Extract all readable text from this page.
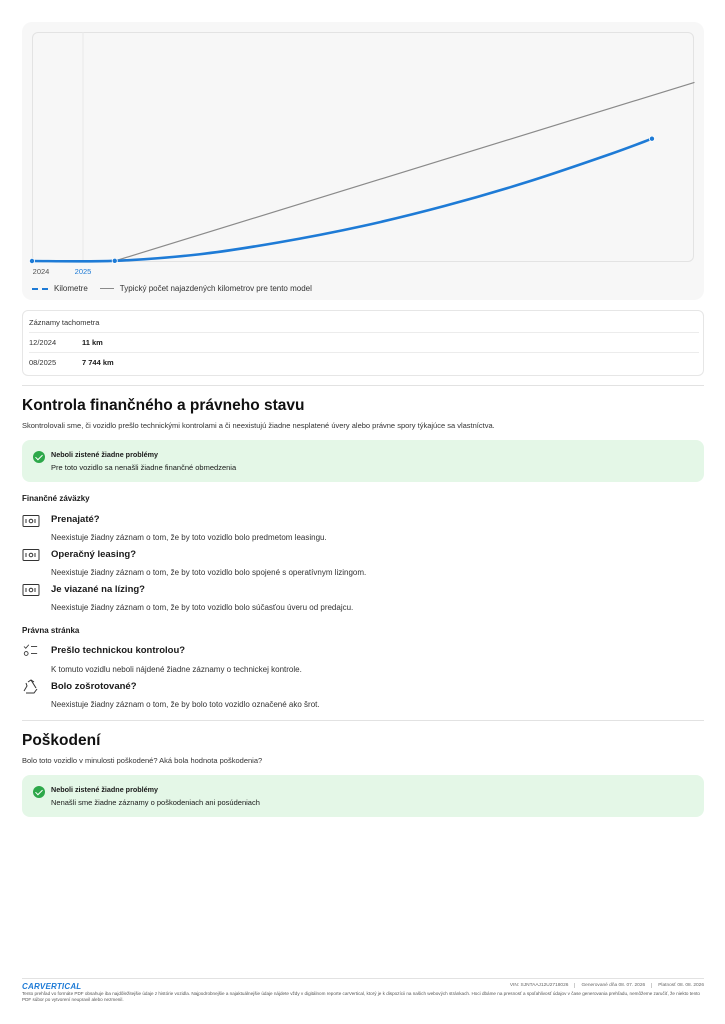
2024	2025
Kilometre	Typický počet najazdených kilometrov pre tento model
Záznamy tachometra
12/2024	11 km
08/2025	7 744 km
Kontrola finančného a právneho stavu
Skontrolovali sme, či vozidlo prešlo technickými kontrolami a či neexistujú žiadne nesplatené úvery alebo právne spory týkajúce sa vlastníctva.
Neboli zistené žiadne problémy
Pre toto vozidlo sa nenašli žiadne finančné obmedzenia
Finančné záväzky
Prenajaté?
Neexistuje žiadny záznam o tom, že by toto vozidlo bolo predmetom leasingu.
Operačný leasing?
Neexistuje žiadny záznam o tom, že by toto vozidlo bolo spojené s operatívnym lizingom.
Je viazané na lízing?
Neexistuje žiadny záznam o tom, že by toto vozidlo bolo súčasťou úveru od predajcu.
Právna stránka
Prešlo technickou kontrolou?
K tomuto vozidlu neboli nájdené žiadne záznamy o technickej kontrole.
Bolo zošrotované?
Neexistuje žiadny záznam o tom, že by bolo toto vozidlo označené ako šrot.
Poškodení
Bolo toto vozidlo v minulosti poškodené? Aká bola hodnota poškodenia?
Neboli zistené žiadne problémy
Nenašli sme žiadne záznamy o poškodeniach ani posúdeniach
CARVERTICAL	VIN: SJNTAAJ12U2718026	Generované dňa 08. 07. 2026	Platnosť 08. 08. 2026
Tento prehľad vo formáte PDF obsahuje iba najdôležitejšie údaje z histórie vozidla. Najpodrobnejšie a najaktuálnejšie údaje nájdete vždy v digitálnom reporte carVertical, ktorý je k dispozícii na našich webových stránkach. Hoci dbáme na presnosť a spoľahlivosť údajov v čase generovania prehľadu, nemôžeme zaručiť, že niekto tento PDF súbor po vytvorení neupravil alebo nezmenil.
